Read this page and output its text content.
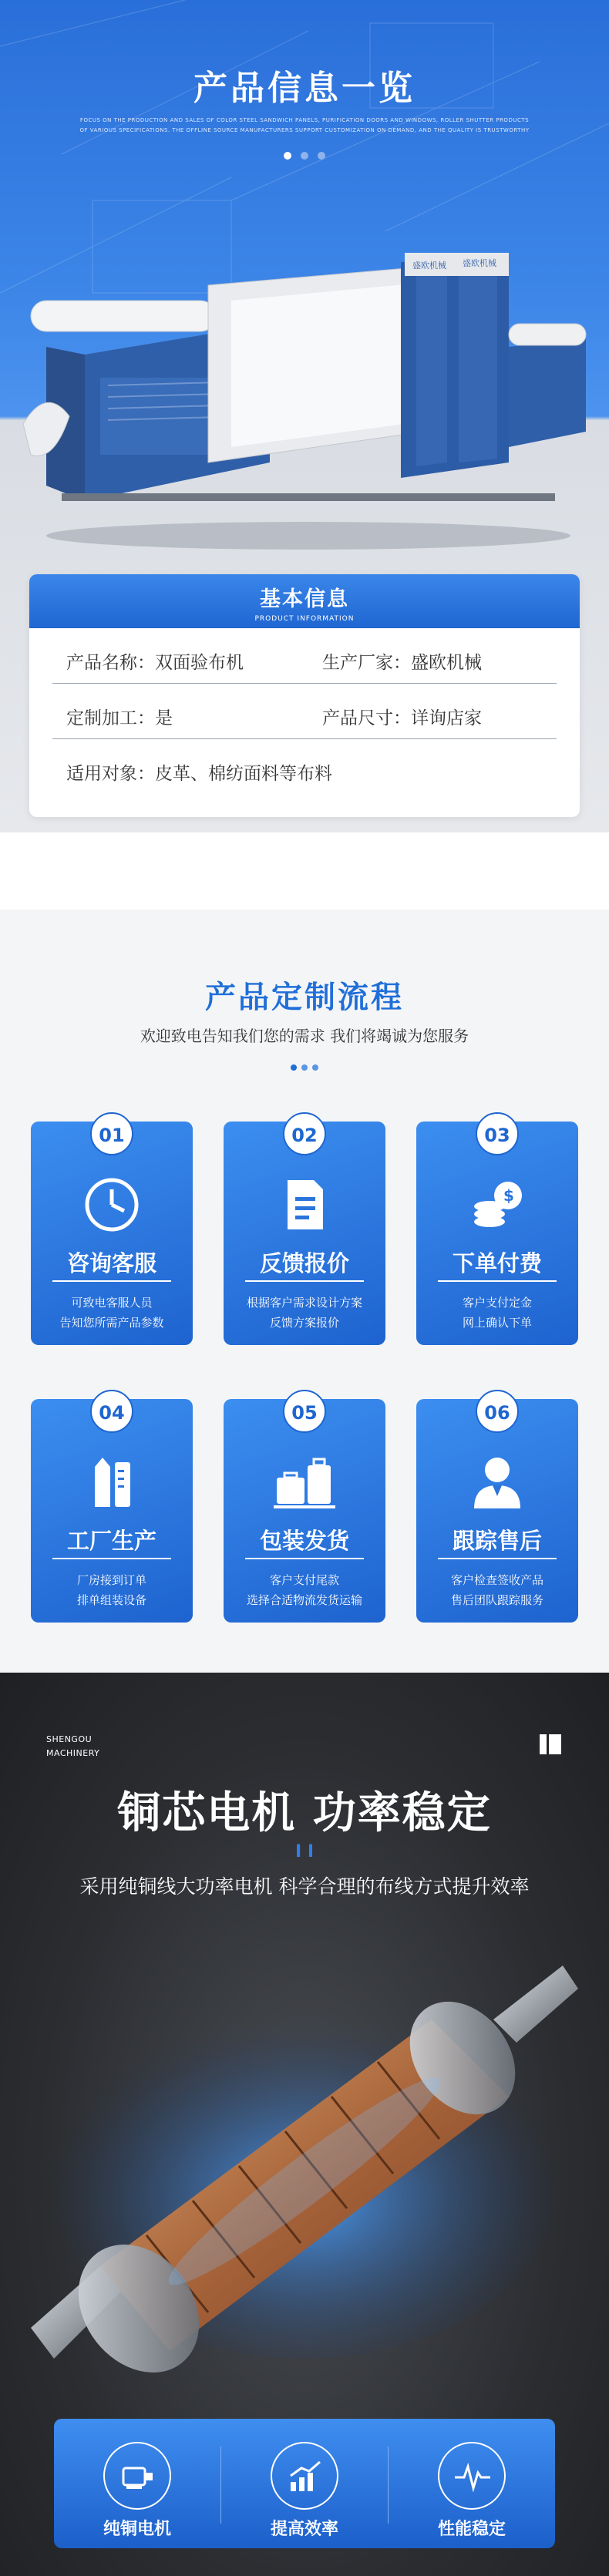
产品信息一览
FOCUS ON THE PRODUCTION AND SALES OF COLOR STEEL SANDWICH PANELS, PURIFICATION DOORS AND WINDOWS, ROLLER SHUTTER PRODUCTS OF VARIOUS SPECIFICATIONS. THE OFFLINE SOURCE MANUFACTURERS SUPPORT CUSTOMIZATION ON DEMAND, AND THE QUALITY IS TRUSTWORTHY
盛欧机械 盛欧机械
基本信息
PRODUCT INFORMATION
产品名称：双面验布机	生产厂家：盛欧机械
定制加工：是	产品尺寸：详询店家
适用对象：皮革、棉纺面料等布料
产品定制流程
欢迎致电告知我们您的需求 我们将竭诚为您服务
01
咨询客服
可致电客服人员
告知您所需产品参数
02
反馈报价
根据客户需求设计方案
反馈方案报价
03
$
下单付费
客户支付定金
网上确认下单
04
工厂生产
厂房接到订单
排单组装设备
05
包装发货
客户支付尾款
选择合适物流发货运输
06
跟踪售后
客户检查签收产品
售后团队跟踪服务
SHENGOU
MACHINERY
铜芯电机 功率稳定
I I
采用纯铜线大功率电机 科学合理的布线方式提升效率
纯铜电机	提高效率	性能稳定
